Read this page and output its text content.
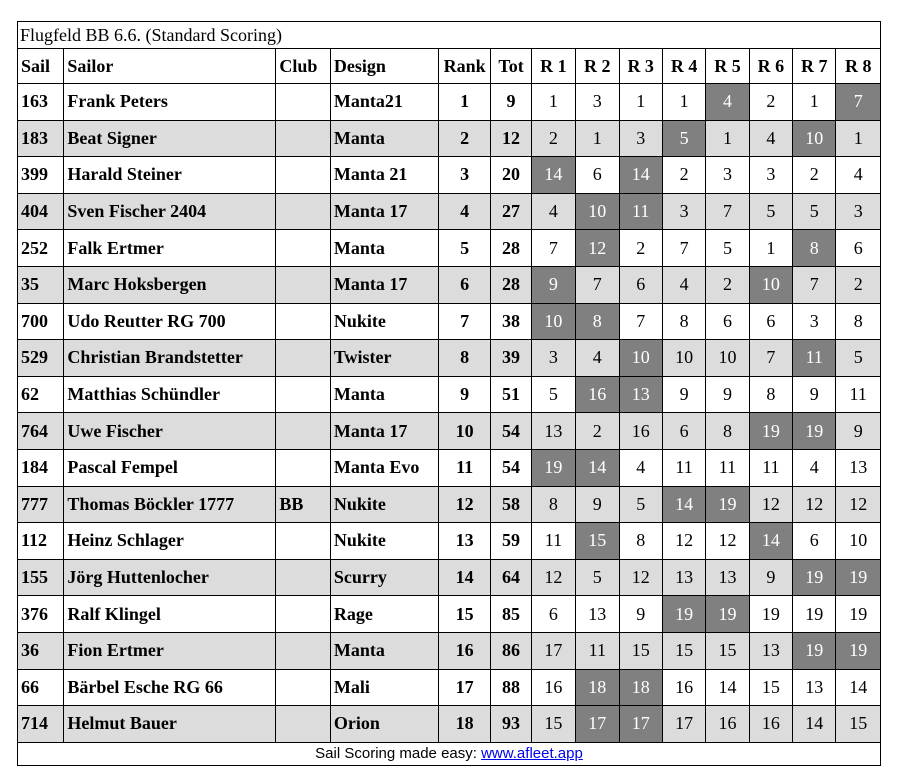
Flugfeld BB 6.6. (Standard Scoring)													
Sail	Sailor	Club	Design	Rank	Tot	R 1	R 2	R 3	R 4	R 5	R 6	R 7	R 8
163	Frank Peters		Manta21	1	9	1	3	1	1	4	2	1	7
183	Beat Signer		Manta	2	12	2	1	3	5	1	4	10	1
399	Harald Steiner		Manta 21	3	20	14	6	14	2	3	3	2	4
404	Sven Fischer 2404		Manta 17	4	27	4	10	11	3	7	5	5	3
252	Falk Ertmer		Manta	5	28	7	12	2	7	5	1	8	6
35	Marc Hoksbergen		Manta 17	6	28	9	7	6	4	2	10	7	2
700	Udo Reutter RG 700		Nukite	7	38	10	8	7	8	6	6	3	8
529	Christian Brandstetter		Twister	8	39	3	4	10	10	10	7	11	5
62	Matthias Schündler		Manta	9	51	5	16	13	9	9	8	9	11
764	Uwe Fischer		Manta 17	10	54	13	2	16	6	8	19	19	9
184	Pascal Fempel		Manta Evo	11	54	19	14	4	11	11	11	4	13
777	Thomas Böckler 1777	BB	Nukite	12	58	8	9	5	14	19	12	12	12
112	Heinz Schlager		Nukite	13	59	11	15	8	12	12	14	6	10
155	Jörg Huttenlocher		Scurry	14	64	12	5	12	13	13	9	19	19
376	Ralf Klingel		Rage	15	85	6	13	9	19	19	19	19	19
36	Fion Ertmer		Manta	16	86	17	11	15	15	15	13	19	19
66	Bärbel Esche RG 66		Mali	17	88	16	18	18	16	14	15	13	14
714	Helmut Bauer		Orion	18	93	15	17	17	17	16	16	14	15
Sail Scoring made easy: www.afleet.app													
